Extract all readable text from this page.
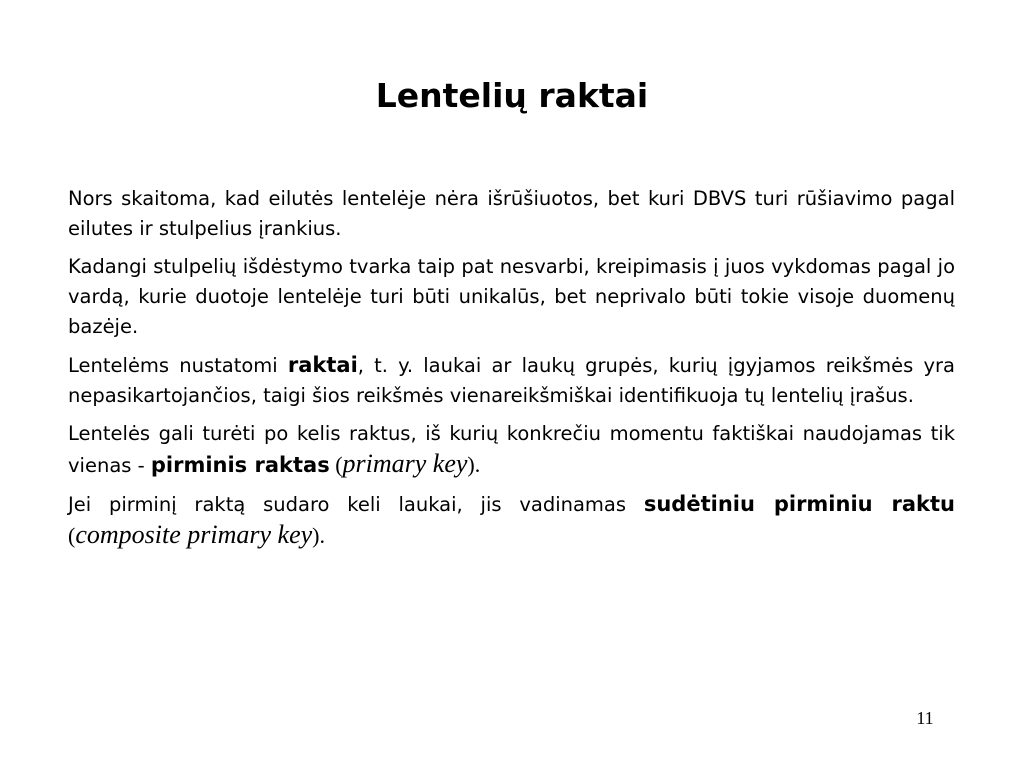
Lentelių raktai

Nors skaitoma, kad eilutės lentelėje nėra išrūšiuotos, bet kuri DBVS turi rūšiavimo pagal eilutes ir stulpelius įrankius.

Kadangi stulpelių išdėstymo tvarka taip pat nesvarbi, kreipimasis į juos vykdomas pagal jo vardą, kurie duotoje lentelėje turi būti unikalūs, bet neprivalo būti tokie visoje duomenų bazėje.

Lentelėms nustatomi raktai, t. y. laukai ar laukų grupės, kurių įgyjamos reikšmės yra nepasikartojančios, taigi šios reikšmės vienareikšmiškai identifikuoja tų lentelių įrašus.

Lentelės gali turėti po kelis raktus, iš kurių konkrečiu momentu faktiškai naudojamas tik vienas - pirminis raktas (primary key).

Jei pirminį raktą sudaro keli laukai, jis vadinamas sudėtiniu pirminiu raktu (composite primary key).

11
